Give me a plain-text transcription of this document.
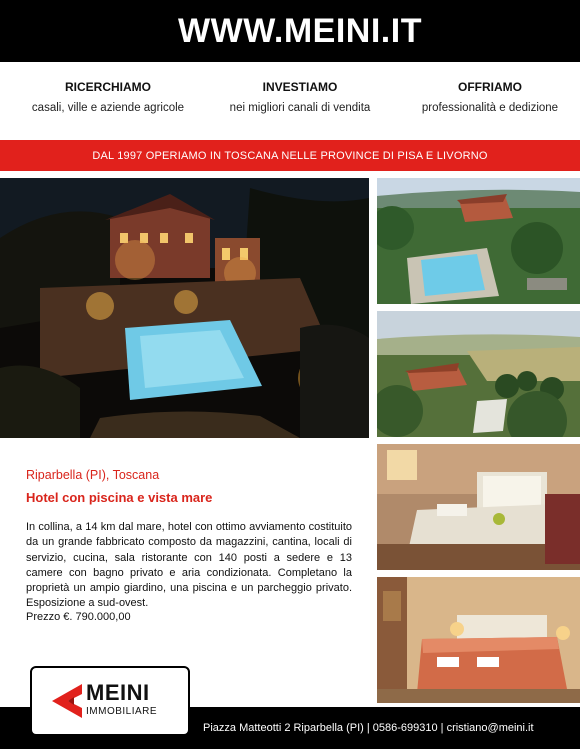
WWW.MEINI.IT
RICERCHIAMO
casali, ville e aziende agricole
INVESTIAMO
nei migliori canali di vendita
OFFRIAMO
professionalità e dedizione
DAL 1997 OPERIAMO IN TOSCANA NELLE PROVINCE DI PISA E LIVORNO
Riparbella (PI), Toscana
Hotel con piscina e vista mare
In collina, a 14 km dal mare, hotel con ottimo avviamento costituito da un grande fabbricato composto da magazzini, cantina, locali di servizio, cucina, sala ristorante con 140 posti a sedere e 13 camere con bagno privato e aria condizionata. Completano la proprietà un ampio giardino, una piscina e un parcheggio privato. Esposizione a sud-ovest.
Prezzo €. 790.000,00
Piazza Matteotti 2 Riparbella (PI) | 0586-699310 | cristiano@meini.it
MEINI
IMMOBILIARE
